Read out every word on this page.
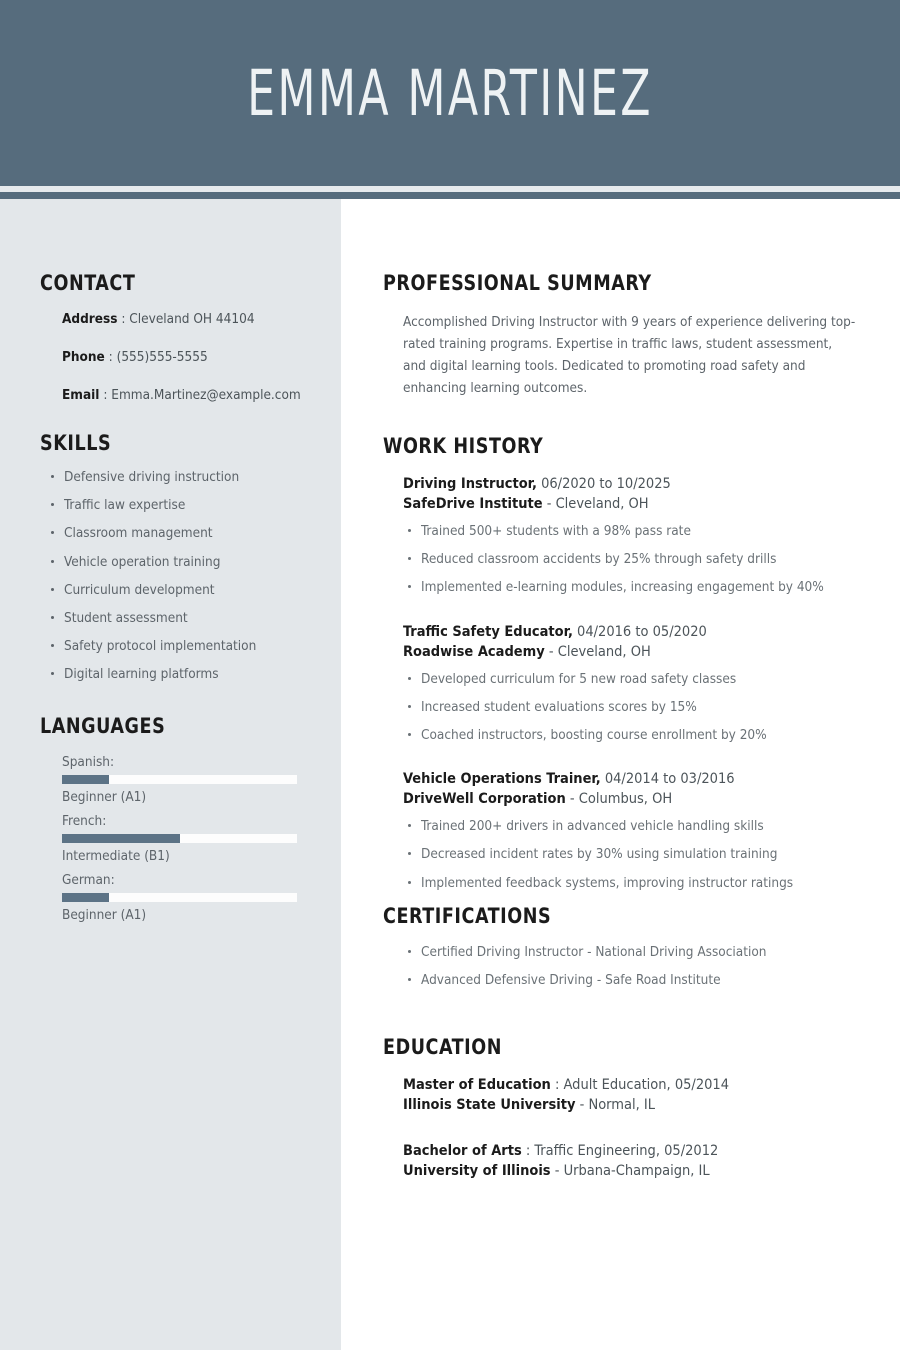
EMMA MARTINEZ
CONTACT
Address : Cleveland OH 44104
Phone : (555)555-5555
Email : Emma.Martinez@example.com
SKILLS
Defensive driving instruction
Traffic law expertise
Classroom management
Vehicle operation training
Curriculum development
Student assessment
Safety protocol implementation
Digital learning platforms
LANGUAGES
Spanish:
Beginner (A1)
French:
Intermediate (B1)
German:
Beginner (A1)
PROFESSIONAL SUMMARY

Accomplished Driving Instructor with 9 years of experience delivering top-rated training programs. Expertise in traffic laws, student assessment, and digital learning tools. Dedicated to promoting road safety and enhancing learning outcomes.

WORK HISTORY
Driving Instructor, 06/2020 to 10/2025
SafeDrive Institute - Cleveland, OH
Trained 500+ students with a 98% pass rate
Reduced classroom accidents by 25% through safety drills
Implemented e-learning modules, increasing engagement by 40%
Traffic Safety Educator, 04/2016 to 05/2020
Roadwise Academy - Cleveland, OH
Developed curriculum for 5 new road safety classes
Increased student evaluations scores by 15%
Coached instructors, boosting course enrollment by 20%
Vehicle Operations Trainer, 04/2014 to 03/2016
DriveWell Corporation - Columbus, OH
Trained 200+ drivers in advanced vehicle handling skills
Decreased incident rates by 30% using simulation training
Implemented feedback systems, improving instructor ratings
CERTIFICATIONS
Certified Driving Instructor - National Driving Association
Advanced Defensive Driving - Safe Road Institute
EDUCATION
Master of Education : Adult Education, 05/2014
Illinois State University - Normal, IL
Bachelor of Arts : Traffic Engineering, 05/2012
University of Illinois - Urbana-Champaign, IL
